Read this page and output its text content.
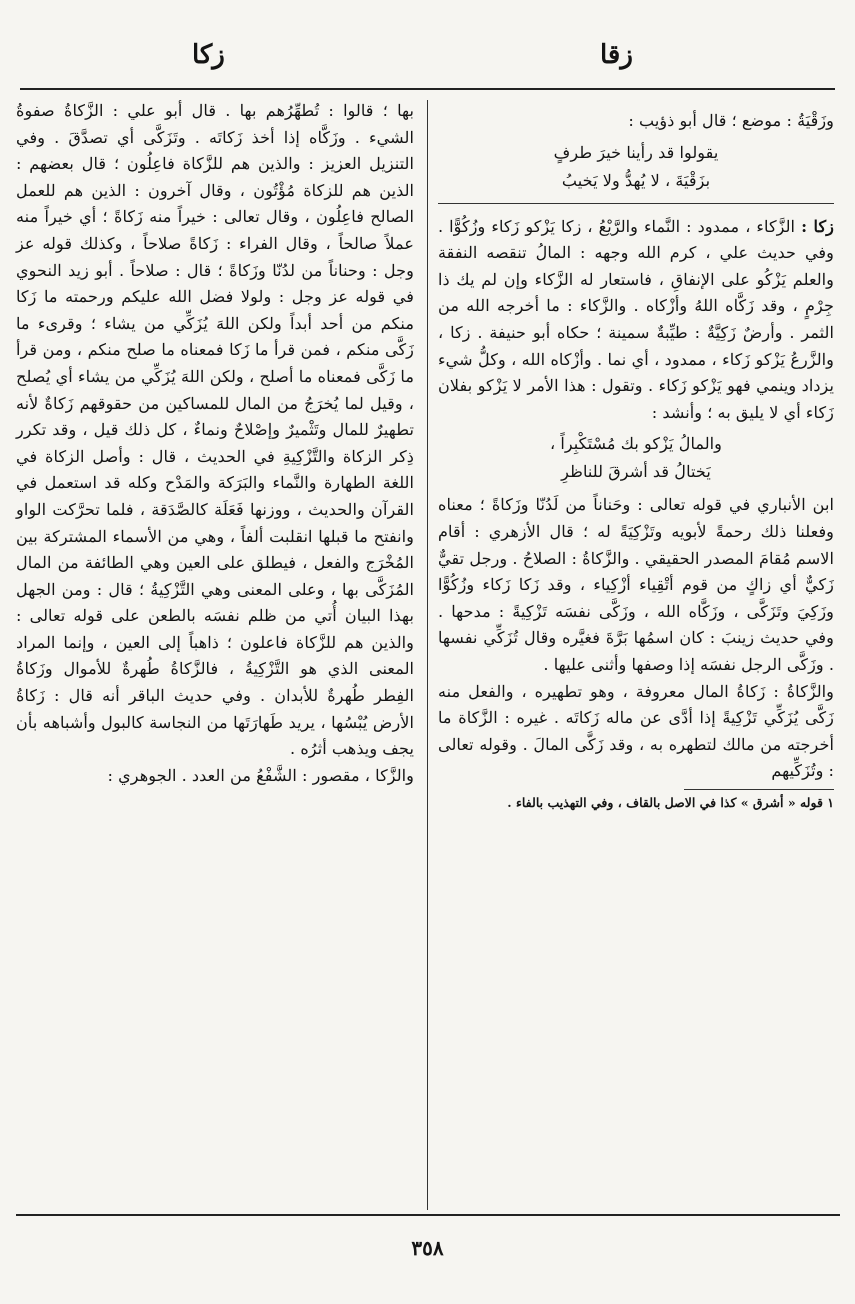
زقا
زكا

وزَقْيَةُ : موضع ؛ قال أبو ذؤيب :

يقولوا قد رأينا خيرَ طرفٍ
بزَقْيَةَ ، لا يُهدُّ ولا يَخيبُ

زكا : الزَّكاء ، ممدود : النَّماء والرَّيْعُ ، زكا يَزْكو زَكاء وزُكُوًّا . وفي حديث علي ، كرم الله وجهه : المالُ تنقصه النفقة والعلم يَزْكُو على الإنفاقِ ، فاستعار له الزَّكاء وإن لم يك ذا جِرْمٍ ، وقد زَكَّاه اللهُ وأزْكاه . والزَّكاء : ما أخرجه الله من الثمر . وأرضٌ زَكِيَّةٌ : طيِّبةٌ سمينة ؛ حكاه أبو حنيفة . زكا ، والزَّرعُ يَزْكو زَكاء ، ممدود ، أي نما . وأزْكاه الله ، وكلُّ شيء يزداد وينمي فهو يَزْكو زَكاء . وتقول : هذا الأمر لا يَزْكو بفلان زَكاء أي لا يليق به ؛ وأنشد :

والمالُ يَزْكو بك مُسْتَكْبِراً ،
يَختالُ قد أشرقَ للناظرِ

ابن الأنباري في قوله تعالى : وحَناناً من لَدُنّا وزَكاةً ؛ معناه وفعلنا ذلك رحمةً لأبويه وتَزْكِيَةً له ؛ قال الأزهري : أقام الاسم مُقامَ المصدر الحقيقي . والزَّكاةُ : الصلاحُ . ورجل تقيٌّ زَكيٌّ أي زاكٍ من قوم أتْقِياء أزْكِياء ، وقد زَكا زَكاء وزُكُوًّا وزَكِيَ وتَزَكَّى ، وزَكَّاه الله ، وزَكَّى نفسَه تَزْكِيةً : مدحها . وفي حديث زينبَ : كان اسمُها بَرَّةَ فغيَّره وقال تُزَكِّي نفسها . وزَكَّى الرجل نفسَه إذا وصفها وأثنى عليها .

والزَّكاةُ : زَكاةُ المال معروفة ، وهو تطهيره ، والفعل منه زَكَّى يُزَكِّي تَزْكِيةً إذا أدَّى عن ماله زَكاتَه . غيره : الزَّكاة ما أخرجته من مالك لتطهره به ، وقد زَكَّى المالَ . وقوله تعالى : وتُزَكِّيهم

١ قوله « أشرق » كذا في الاصل بالقاف ، وفي التهذيب بالفاء .

بها ؛ قالوا : تُطهِّرُهم بها . قال أبو علي : الزَّكاةُ صفوةُ الشيء . وزَكَّاه إذا أخذ زَكاتَه . وتَزَكَّى أي تصدَّقَ . وفي التنزيل العزيز : والذين هم للزَّكاة فاعِلُون ؛ قال بعضهم : الذين هم للزكاة مُؤْتُون ، وقال آخرون : الذين هم للعمل الصالح فاعِلُون ، وقال تعالى : خيراً منه زَكاةً ؛ أي خيراً منه عملاً صالحاً ، وقال الفراء : زَكاةً صلاحاً ، وكذلك قوله عز وجل : وحناناً من لدُنّا وزَكاةً ؛ قال : صلاحاً . أبو زيد النحوي في قوله عز وجل : ولولا فضل الله عليكم ورحمته ما زَكا منكم من أحد أبداً ولكن اللهَ يُزَكِّي من يشاء ؛ وقرىء ما زَكَّى منكم ، فمن قرأ ما زَكا فمعناه ما صلح منكم ، ومن قرأ ما زَكَّى فمعناه ما أصلح ، ولكن اللهَ يُزَكِّي من يشاء أي يُصلح ، وقيل لما يُخرَجُ من المال للمساكين من حقوقهم زَكاةٌ لأنه تطهيرٌ للمال وتَثْميرٌ وإصْلاحٌ ونماءٌ ، كل ذلك قيل ، وقد تكرر ذِكر الزكاة والتَّزْكِيةِ في الحديث ، قال : وأصل الزكاة في اللغة الطهارة والنَّماء والبَرَكة والمَدْح وكله قد استعمل في القرآن والحديث ، ووزنها فَعَلَة كالصَّدَقة ، فلما تحرَّكت الواو وانفتح ما قبلها انقلبت ألفاً ، وهي من الأسماء المشتركة بين المُخْرَج والفعل ، فيطلق على العين وهي الطائفة من المال المُزَكَّى بها ، وعلى المعنى وهي التَّزْكِيةُ ؛ قال : ومن الجهل بهذا البيان أُتي من ظلم نفسَه بالطعن على قوله تعالى : والذين هم للزَّكاة فاعلون ؛ ذاهباً إلى العين ، وإنما المراد المعنى الذي هو التَّزْكِيةُ ، فالزَّكاةُ طُهرةٌ للأموال وزَكاةُ الفِطر طُهرةٌ للأبدان . وفي حديث الباقر أنه قال : زَكاةُ الأرض يُبْسُها ، يريد طَهارَتَها من النجاسة كالبول وأشباهه بأن يجف ويذهب أثرُه .

والزَّكا ، مقصور : الشَّفْعُ من العدد . الجوهري :

٣٥٨
